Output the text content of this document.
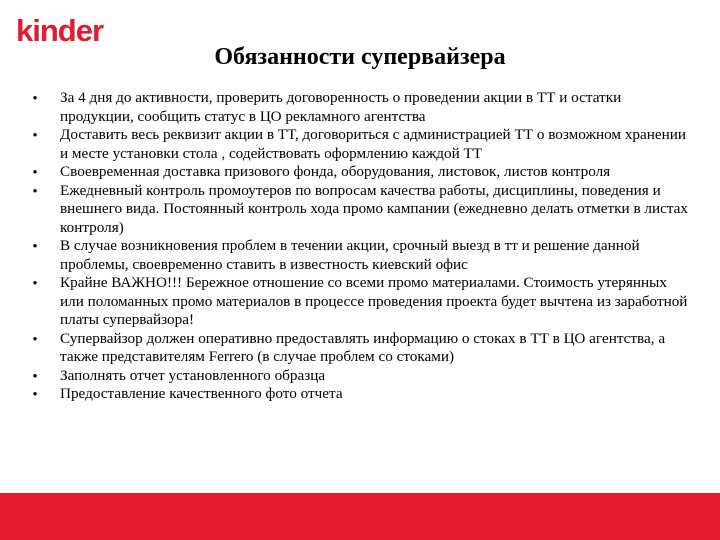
kinder
Обязанности супервайзера
• За 4 дня до активности, проверить договоренность о проведении акции в ТТ и остатки продукции, сообщить статус в ЦО рекламного агентства
• Доставить весь реквизит акции в ТТ, договориться с администрацией ТТ о возможном хранении и месте установки стола , содействовать оформлению каждой ТТ
• Своевременная доставка призового фонда, оборудования, листовок, листов контроля
• Ежедневный контроль промоутеров по вопросам качества работы, дисциплины, поведения и внешнего вида. Постоянный контроль хода промо кампании (ежедневно делать отметки в листах контроля)
• В случае возникновения проблем в течении акции, срочный выезд в тт и решение данной проблемы, своевременно ставить в известность киевский офис
• Крайне ВАЖНО!!! Бережное отношение со всеми промо материалами. Стоимость утерянных или поломанных промо материалов в процессе проведения проекта будет вычтена из заработной платы супервайзора!
• Супервайзор должен оперативно предоставлять информацию о стоках в ТТ в ЦО агентства, а также представителям Ferrero (в случае проблем со стоками)
• Заполнять отчет установленного образца
• Предоставление качественного фото отчета
